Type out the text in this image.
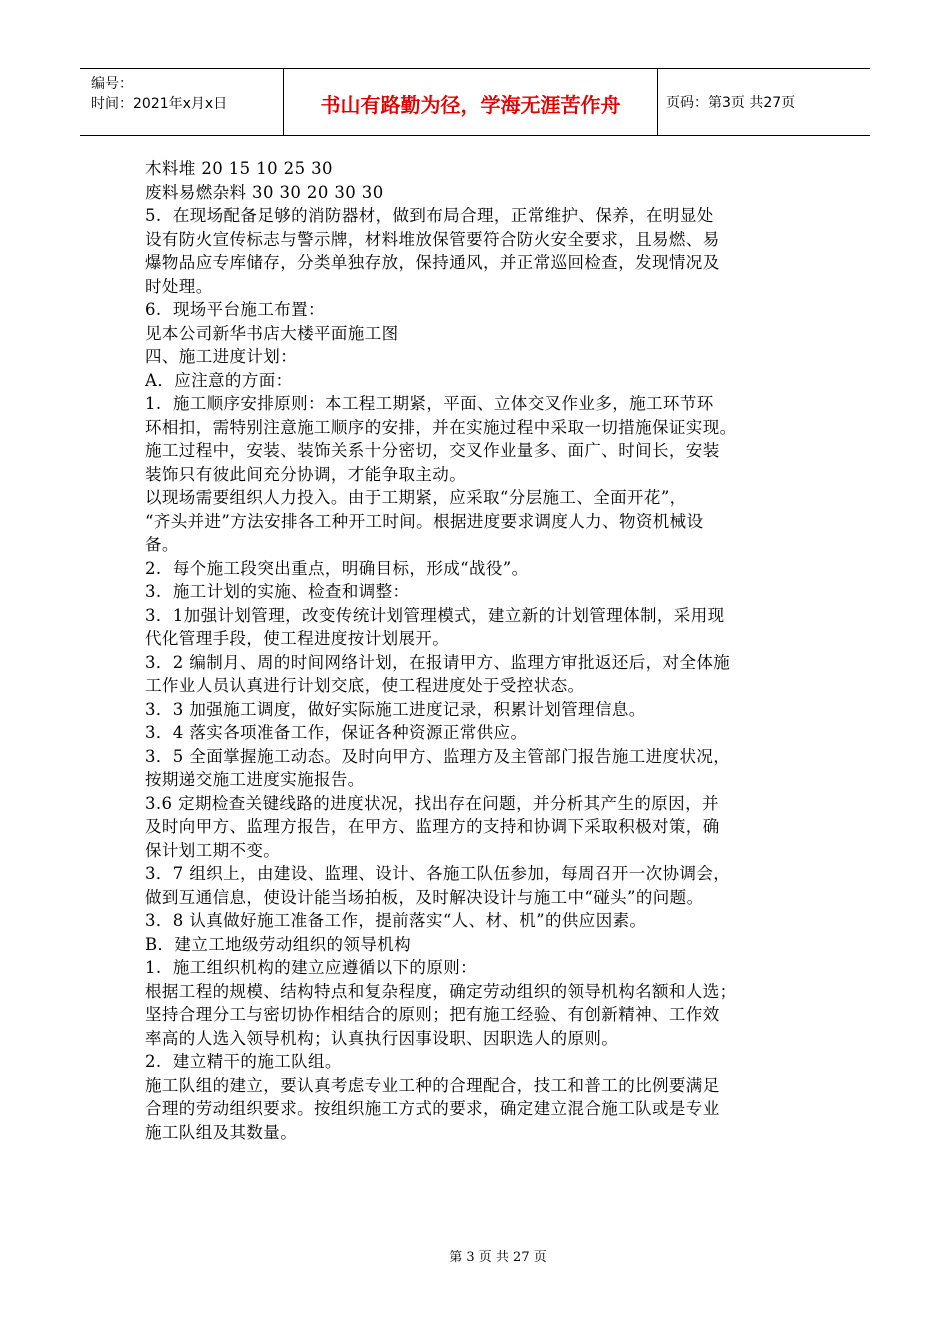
编号：
时间：2021年x月x日	书山有路勤为径，学海无涯苦作舟	页码：第3页 共27页

木料堆 20 15 10 25 30

废料易燃杂料 30 30 20 30 30

5.  在现场配备足够的消防器材，做到布局合理，正常维护、保养，在明显处

设有防火宣传标志与警示牌，材料堆放保管要符合防火安全要求，且易燃、易

爆物品应专库储存，分类单独存放，保持通风，并正常巡回检查，发现情况及

时处理。

6.  现场平台施工布置：

见本公司新华书店大楼平面施工图

四、施工进度计划：

A．应注意的方面：

1.  施工顺序安排原则：本工程工期紧，平面、立体交叉作业多，施工环节环

环相扣，需特别注意施工顺序的安排，并在实施过程中采取一切措施保证实现。

施工过程中，安装、装饰关系十分密切，交叉作业量多、面广、时间长，安装

装饰只有彼此间充分协调，才能争取主动。

以现场需要组织人力投入。由于工期紧，应采取“分层施工、全面开花”，

“齐头并进”方法安排各工种开工时间。根据进度要求调度人力、物资机械设

备。

2.  每个施工段突出重点，明确目标，形成“战役”。

3.  施工计划的实施、检查和调整：

3．1加强计划管理，改变传统计划管理模式，建立新的计划管理体制，采用现

代化管理手段，使工程进度按计划展开。

3．2 编制月、周的时间网络计划，在报请甲方、监理方审批返还后，对全体施

工作业人员认真进行计划交底，使工程进度处于受控状态。

3．3 加强施工调度，做好实际施工进度记录，积累计划管理信息。

3．4 落实各项准备工作，保证各种资源正常供应。

3．5 全面掌握施工动态。及时向甲方、监理方及主管部门报告施工进度状况，

按期递交施工进度实施报告。

3.6 定期检查关键线路的进度状况，找出存在问题，并分析其产生的原因，并

及时向甲方、监理方报告，在甲方、监理方的支持和协调下采取积极对策，确

保计划工期不变。

3．7 组织上，由建设、监理、设计、各施工队伍参加，每周召开一次协调会，

做到互通信息，使设计能当场拍板，及时解决设计与施工中“碰头”的问题。

3．8 认真做好施工准备工作，提前落实“人、材、机”的供应因素。

B．建立工地级劳动组织的领导机构

1.  施工组织机构的建立应遵循以下的原则：

根据工程的规模、结构特点和复杂程度，确定劳动组织的领导机构名额和人选；

坚持合理分工与密切协作相结合的原则；把有施工经验、有创新精神、工作效

率高的人选入领导机构；认真执行因事设职、因职选人的原则。

2.  建立精干的施工队组。

施工队组的建立，要认真考虑专业工种的合理配合，技工和普工的比例要满足

合理的劳动组织要求。按组织施工方式的要求，确定建立混合施工队或是专业

施工队组及其数量。

第 3 页 共 27 页
